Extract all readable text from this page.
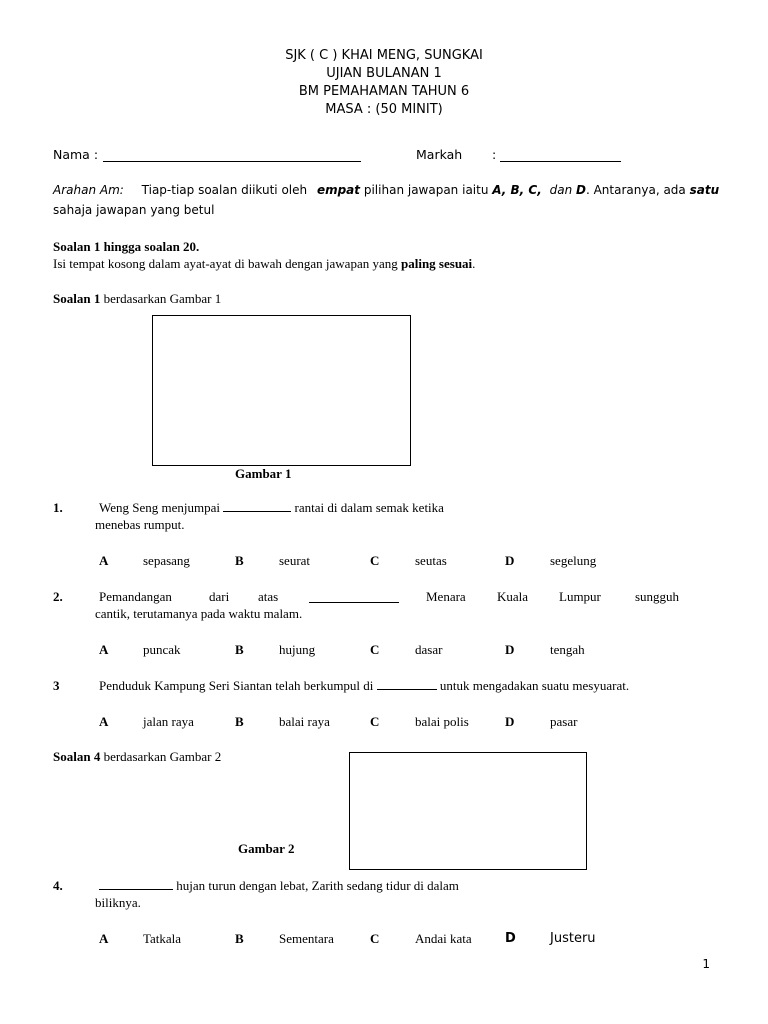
SJK ( C ) KHAI MENG, SUNGKAI
UJIAN BULANAN 1
BM PEMAHAMAN TAHUN 6
MASA : (50 MINIT)
Nama :	Markah :
Arahan Am: Tiap-tiap soalan diikuti oleh empat pilihan jawapan iaitu A, B, C, dan D. Antaranya, ada satu
sahaja jawapan yang betul
Soalan 1 hingga soalan 20.
Isi tempat kosong dalam ayat-ayat di bawah dengan jawapan yang paling sesuai.
Soalan 1 berdasarkan Gambar 1
Gambar 1
1.	Weng Seng menjumpai	rantai di dalam semak ketika
menebas rumput.
A	sepasang	B	seurat	C	seutas	D	segelung
2.	Pemandangan	dari atas	Menara Kuala Lumpur	sungguh
cantik, terutamanya pada waktu malam.
A	puncak	B	hujung	C	dasar	D	tengah
3	Penduduk Kampung Seri Siantan telah berkumpul di	untuk mengadakan suatu mesyuarat.
A	jalan raya	B	balai raya	C	balai polis	D	pasar
Soalan 4 berdasarkan Gambar 2
Gambar 2
4.	hujan turun dengan lebat, Zarith sedang tidur di dalam
biliknya.
A	Tatkala	B	Sementara	C	Andai kata	D	Justeru
1
